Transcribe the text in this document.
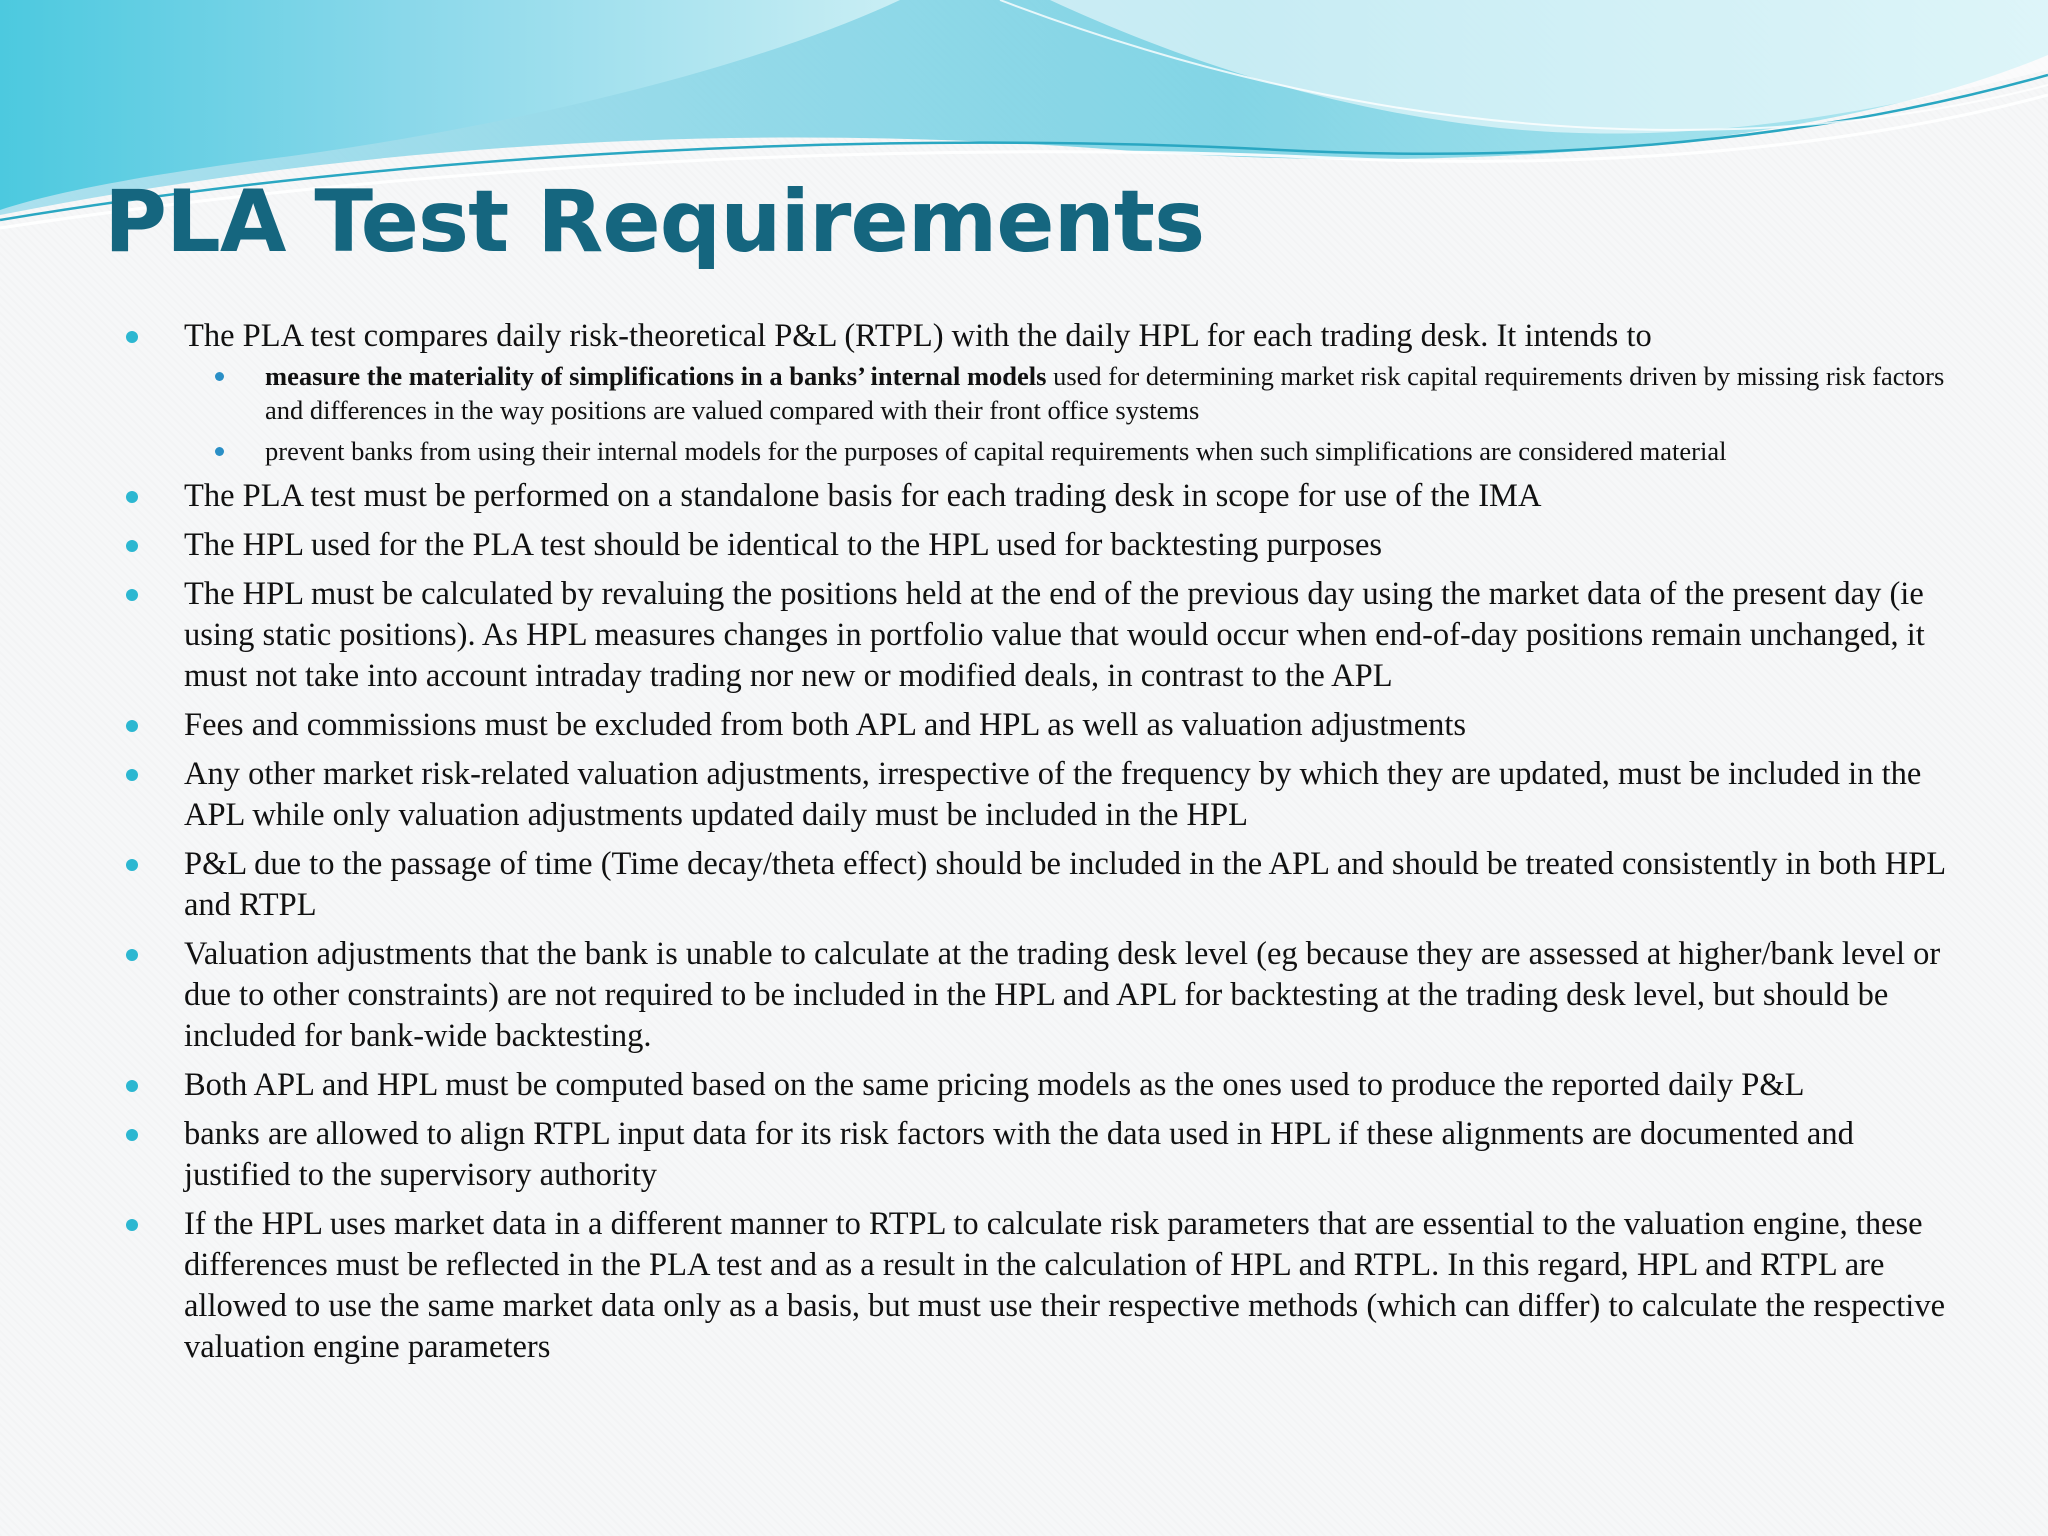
PLA Test Requirements
The PLA test compares daily risk-theoretical P&L (RTPL) with the daily HPL for each trading desk. It intends to
measure the materiality of simplifications in a banks’ internal models used for determining market risk capital requirements driven by missing risk factors and differences in the way positions are valued compared with their front office systems
prevent banks from using their internal models for the purposes of capital requirements when such simplifications are considered material
The PLA test must be performed on a standalone basis for each trading desk in scope for use of the IMA
The HPL used for the PLA test should be identical to the HPL used for backtesting purposes
The HPL must be calculated by revaluing the positions held at the end of the previous day using the market data of the present day (ie using static positions). As HPL measures changes in portfolio value that would occur when end-of-day positions remain unchanged, it must not take into account intraday trading nor new or modified deals, in contrast to the APL
Fees and commissions must be excluded from both APL and HPL as well as valuation adjustments
Any other market risk-related valuation adjustments, irrespective of the frequency by which they are updated, must be included in the APL while only valuation adjustments updated daily must be included in the HPL
P&L due to the passage of time (Time decay/theta effect) should be included in the APL and should be treated consistently in both HPL and RTPL
Valuation adjustments that the bank is unable to calculate at the trading desk level (eg because they are assessed at higher/bank level or due to other constraints) are not required to be included in the HPL and APL for backtesting at the trading desk level, but should be included for bank-wide backtesting.
Both APL and HPL must be computed based on the same pricing models as the ones used to produce the reported daily P&L
banks are allowed to align RTPL input data for its risk factors with the data used in HPL if these alignments are documented and justified to the supervisory authority
If the HPL uses market data in a different manner to RTPL to calculate risk parameters that are essential to the valuation engine, these differences must be reflected in the PLA test and as a result in the calculation of HPL and RTPL. In this regard, HPL and RTPL are allowed to use the same market data only as a basis, but must use their respective methods (which can differ) to calculate the respective valuation engine parameters
